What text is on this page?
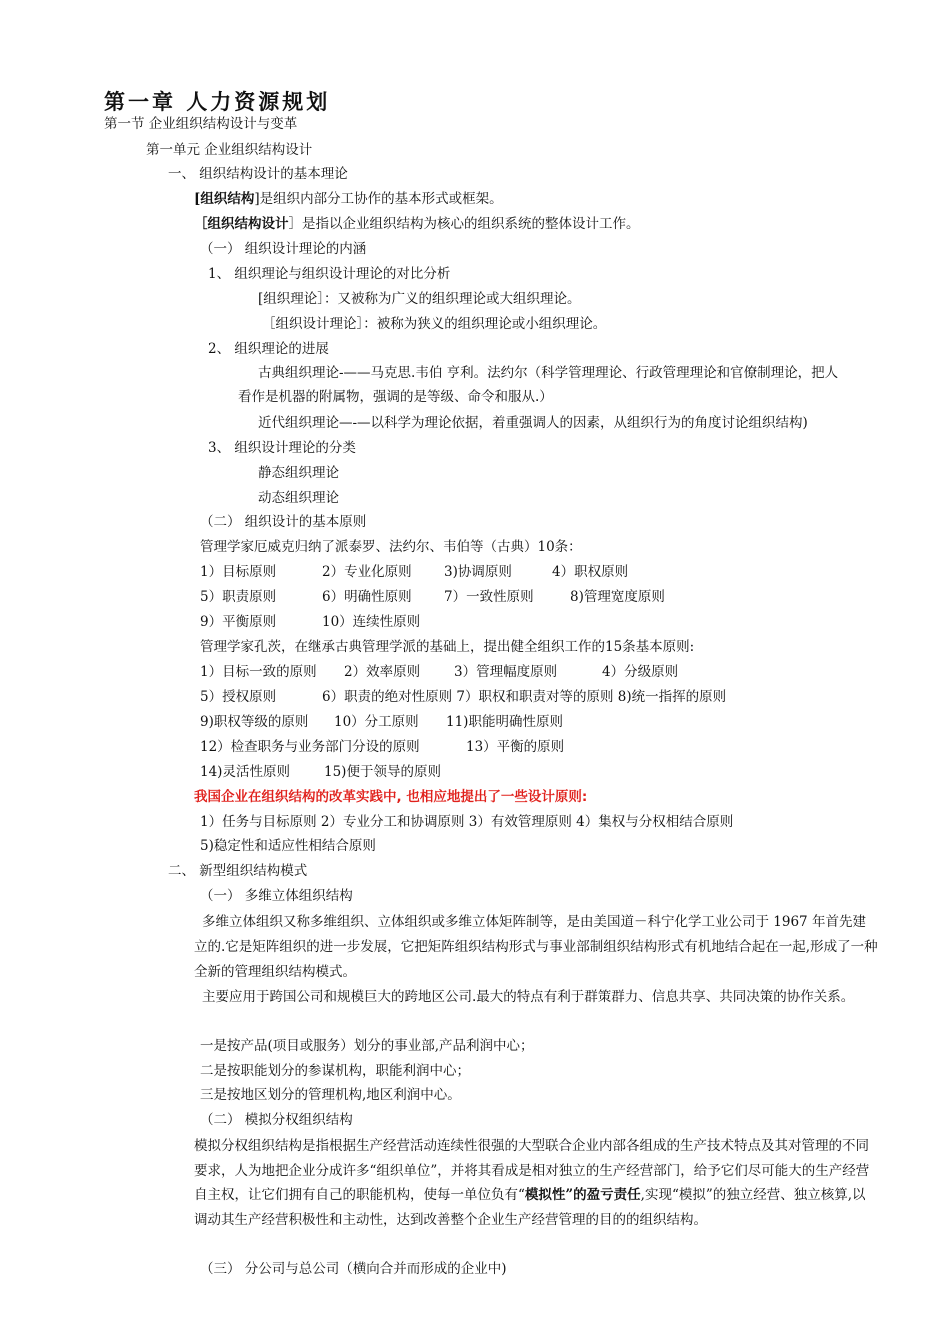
第一章 人力资源规划
第一节 企业组织结构设计与变革
第一单元 企业组织结构设计
一、 组织结构设计的基本理论
[组织结构]是组织内部分工协作的基本形式或框架。
［组织结构设计］是指以企业组织结构为核心的组织系统的整体设计工作。
（一） 组织设计理论的内涵
1、 组织理论与组织设计理论的对比分析
[组织理论］：又被称为广义的组织理论或大组织理论。
［组织设计理论］：被称为狭义的组织理论或小组织理论。
2、 组织理论的进展
古典组织理论-——马克思.韦伯 亨利。法约尔（科学管理理论、行政管理理论和官僚制理论，把人
看作是机器的附属物，强调的是等级、命令和服从.）
近代组织理论—-—以科学为理论依据，着重强调人的因素，从组织行为的角度讨论组织结构)
3、 组织设计理论的分类
静态组织理论
动态组织理论
（二） 组织设计的基本原则
管理学家厄威克归纳了派泰罗、法约尔、韦伯等（古典）10条：
1）目标原则	2）专业化原则 3)协调原则	4）职权原则
5）职责原则	6）明确性原则 7）一致性原则	8)管理宽度原则
9）平衡原则	10）连续性原则
管理学家孔茨，在继承古典管理学派的基础上，提出健全组织工作的15条基本原则:
1）目标一致的原则 2）效率原则	3）管理幅度原则	4）分级原则
5）授权原则	6）职责的绝对性原则 7）职权和职责对等的原则 8)统一指挥的原则
9)职权等级的原则 10）分工原则 11)职能明确性原则
12）检查职务与业务部门分设的原则	13）平衡的原则
14)灵活性原则	15)便于领导的原则
我国企业在组织结构的改革实践中, 也相应地提出了一些设计原则:
1）任务与目标原则 2）专业分工和协调原则 3）有效管理原则 4）集权与分权相结合原则
5)稳定性和适应性相结合原则
二、 新型组织结构模式
（一） 多维立体组织结构
多维立体组织又称多维组织、立体组织或多维立体矩阵制等，是由美国道－科宁化学工业公司于 1967 年首先建立的.它是矩阵组织的进一步发展，它把矩阵组织结构形式与事业部制组织结构形式有机地结合起在一起,形成了一种全新的管理组织结构模式。
主要应用于跨国公司和规模巨大的跨地区公司.最大的特点有利于群策群力、信息共享、共同决策的协作关系。
一是按产品(项目或服务）划分的事业部,产品利润中心；
二是按职能划分的参谋机构，职能利润中心；
三是按地区划分的管理机构,地区利润中心。
（二） 模拟分权组织结构
模拟分权组织结构是指根据生产经营活动连续性很强的大型联合企业内部各组成的生产技术特点及其对管理的不同要求，人为地把企业分成许多“组织单位”，并将其看成是相对独立的生产经营部门，给予它们尽可能大的生产经营自主权，让它们拥有自己的职能机构，使每一单位负有“模拟性”的盈亏责任,实现“模拟”的独立经营、独立核算,以调动其生产经营积极性和主动性，达到改善整个企业生产经营管理的目的的组织结构。
（三） 分公司与总公司（横向合并而形成的企业中)
